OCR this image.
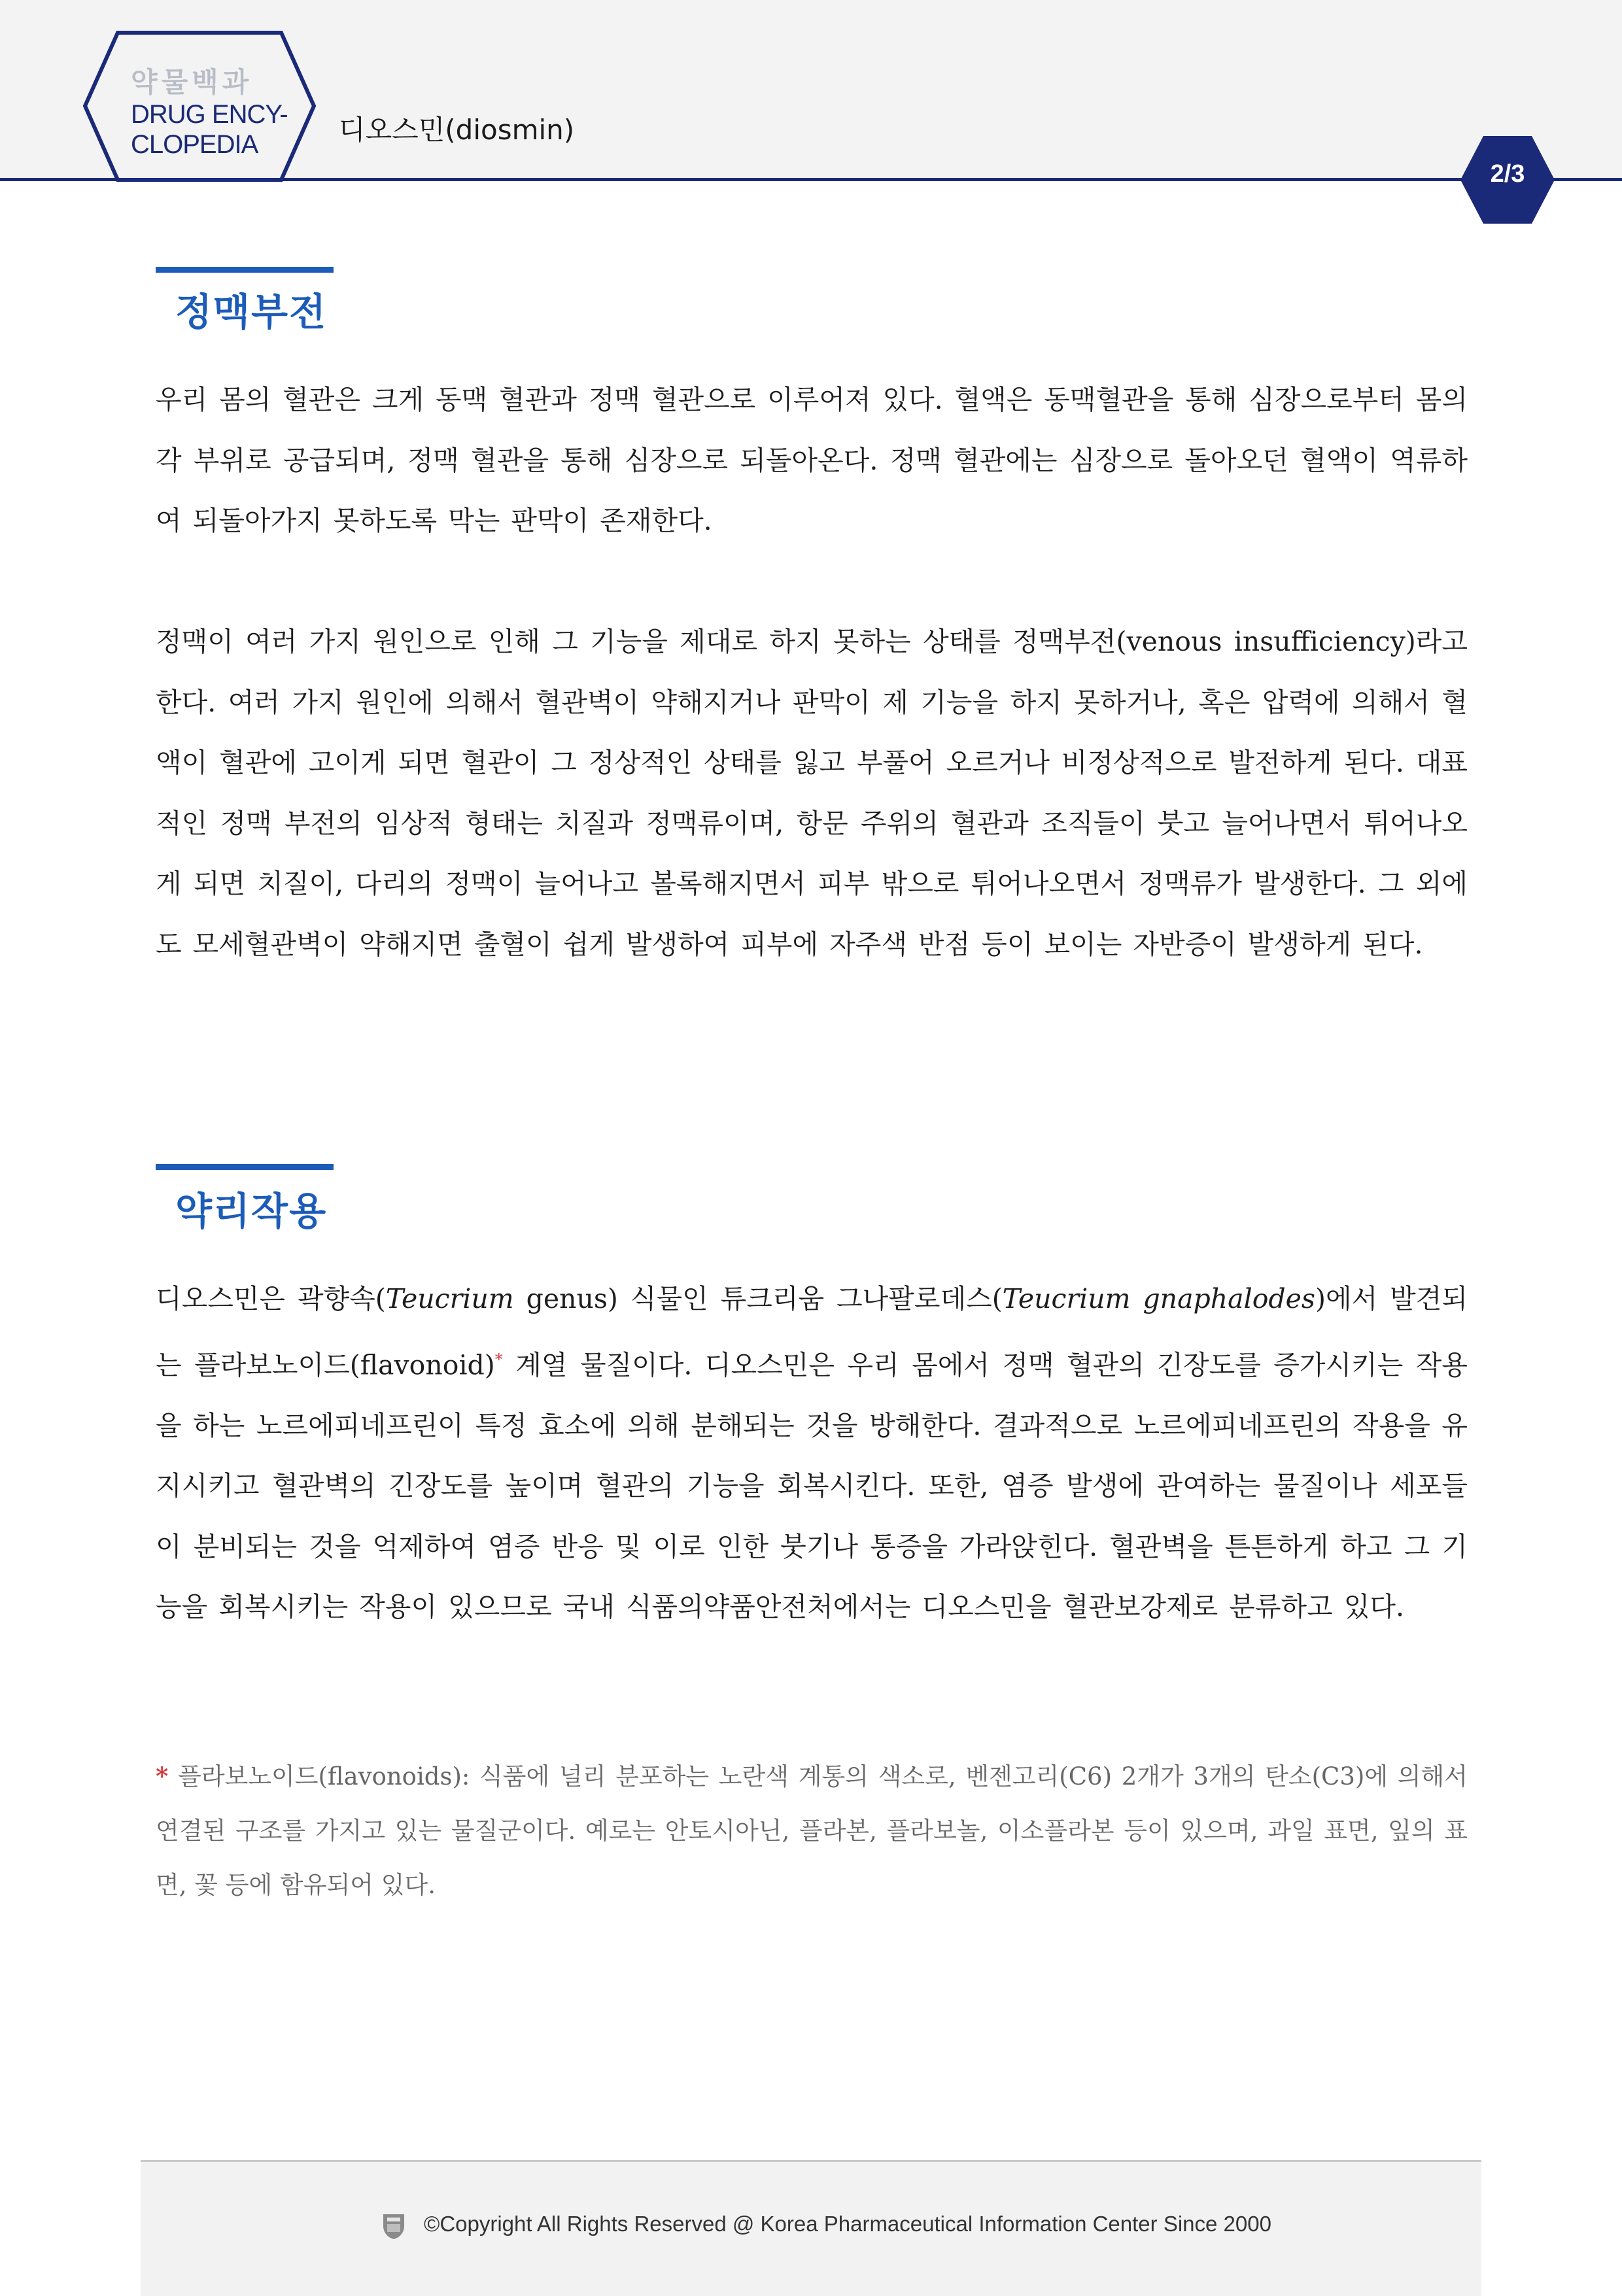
약물백과
DRUG ENCY-
CLOPEDIA	디오스민(diosmin)
2/3
정맥부전

우리 몸의 혈관은 크게 동맥 혈관과 정맥 혈관으로 이루어져 있다. 혈액은 동맥혈관을 통해 심장으로부터 몸의 각 부위로 공급되며, 정맥 혈관을 통해 심장으로 되돌아온다. 정맥 혈관에는 심장으로 돌아오던 혈액이 역류하여 되돌아가지 못하도록 막는 판막이 존재한다.

정맥이 여러 가지 원인으로 인해 그 기능을 제대로 하지 못하는 상태를 정맥부전(venous insufficiency)라고 한다. 여러 가지 원인에 의해서 혈관벽이 약해지거나 판막이 제 기능을 하지 못하거나, 혹은 압력에 의해서 혈액이 혈관에 고이게 되면 혈관이 그 정상적인 상태를 잃고 부풀어 오르거나 비정상적으로 발전하게 된다. 대표적인 정맥 부전의 임상적 형태는 치질과 정맥류이며, 항문 주위의 혈관과 조직들이 붓고 늘어나면서 튀어나오게 되면 치질이, 다리의 정맥이 늘어나고 볼록해지면서 피부 밖으로 튀어나오면서 정맥류가 발생한다. 그 외에도 모세혈관벽이 약해지면 출혈이 쉽게 발생하여 피부에 자주색 반점 등이 보이는 자반증이 발생하게 된다.

약리작용

디오스민은 곽향속(Teucrium genus) 식물인 튜크리움 그나팔로데스(Teucrium gnaphalodes)에서 발견되는 플라보노이드(flavonoid)* 계열 물질이다. 디오스민은 우리 몸에서 정맥 혈관의 긴장도를 증가시키는 작용을 하는 노르에피네프린이 특정 효소에 의해 분해되는 것을 방해한다. 결과적으로 노르에피네프린의 작용을 유지시키고 혈관벽의 긴장도를 높이며 혈관의 기능을 회복시킨다. 또한, 염증 발생에 관여하는 물질이나 세포들이 분비되는 것을 억제하여 염증 반응 및 이로 인한 붓기나 통증을 가라앉힌다. 혈관벽을 튼튼하게 하고 그 기능을 회복시키는 작용이 있으므로 국내 식품의약품안전처에서는 디오스민을 혈관보강제로 분류하고 있다.

* 플라보노이드(flavonoids): 식품에 널리 분포하는 노란색 계통의 색소로, 벤젠고리(C6) 2개가 3개의 탄소(C3)에 의해서 연결된 구조를 가지고 있는 물질군이다. 예로는 안토시아닌, 플라본, 플라보놀, 이소플라본 등이 있으며, 과일 표면, 잎의 표면, 꽃 등에 함유되어 있다.

©Copyright All Rights Reserved @ Korea Pharmaceutical Information Center Since 2000
